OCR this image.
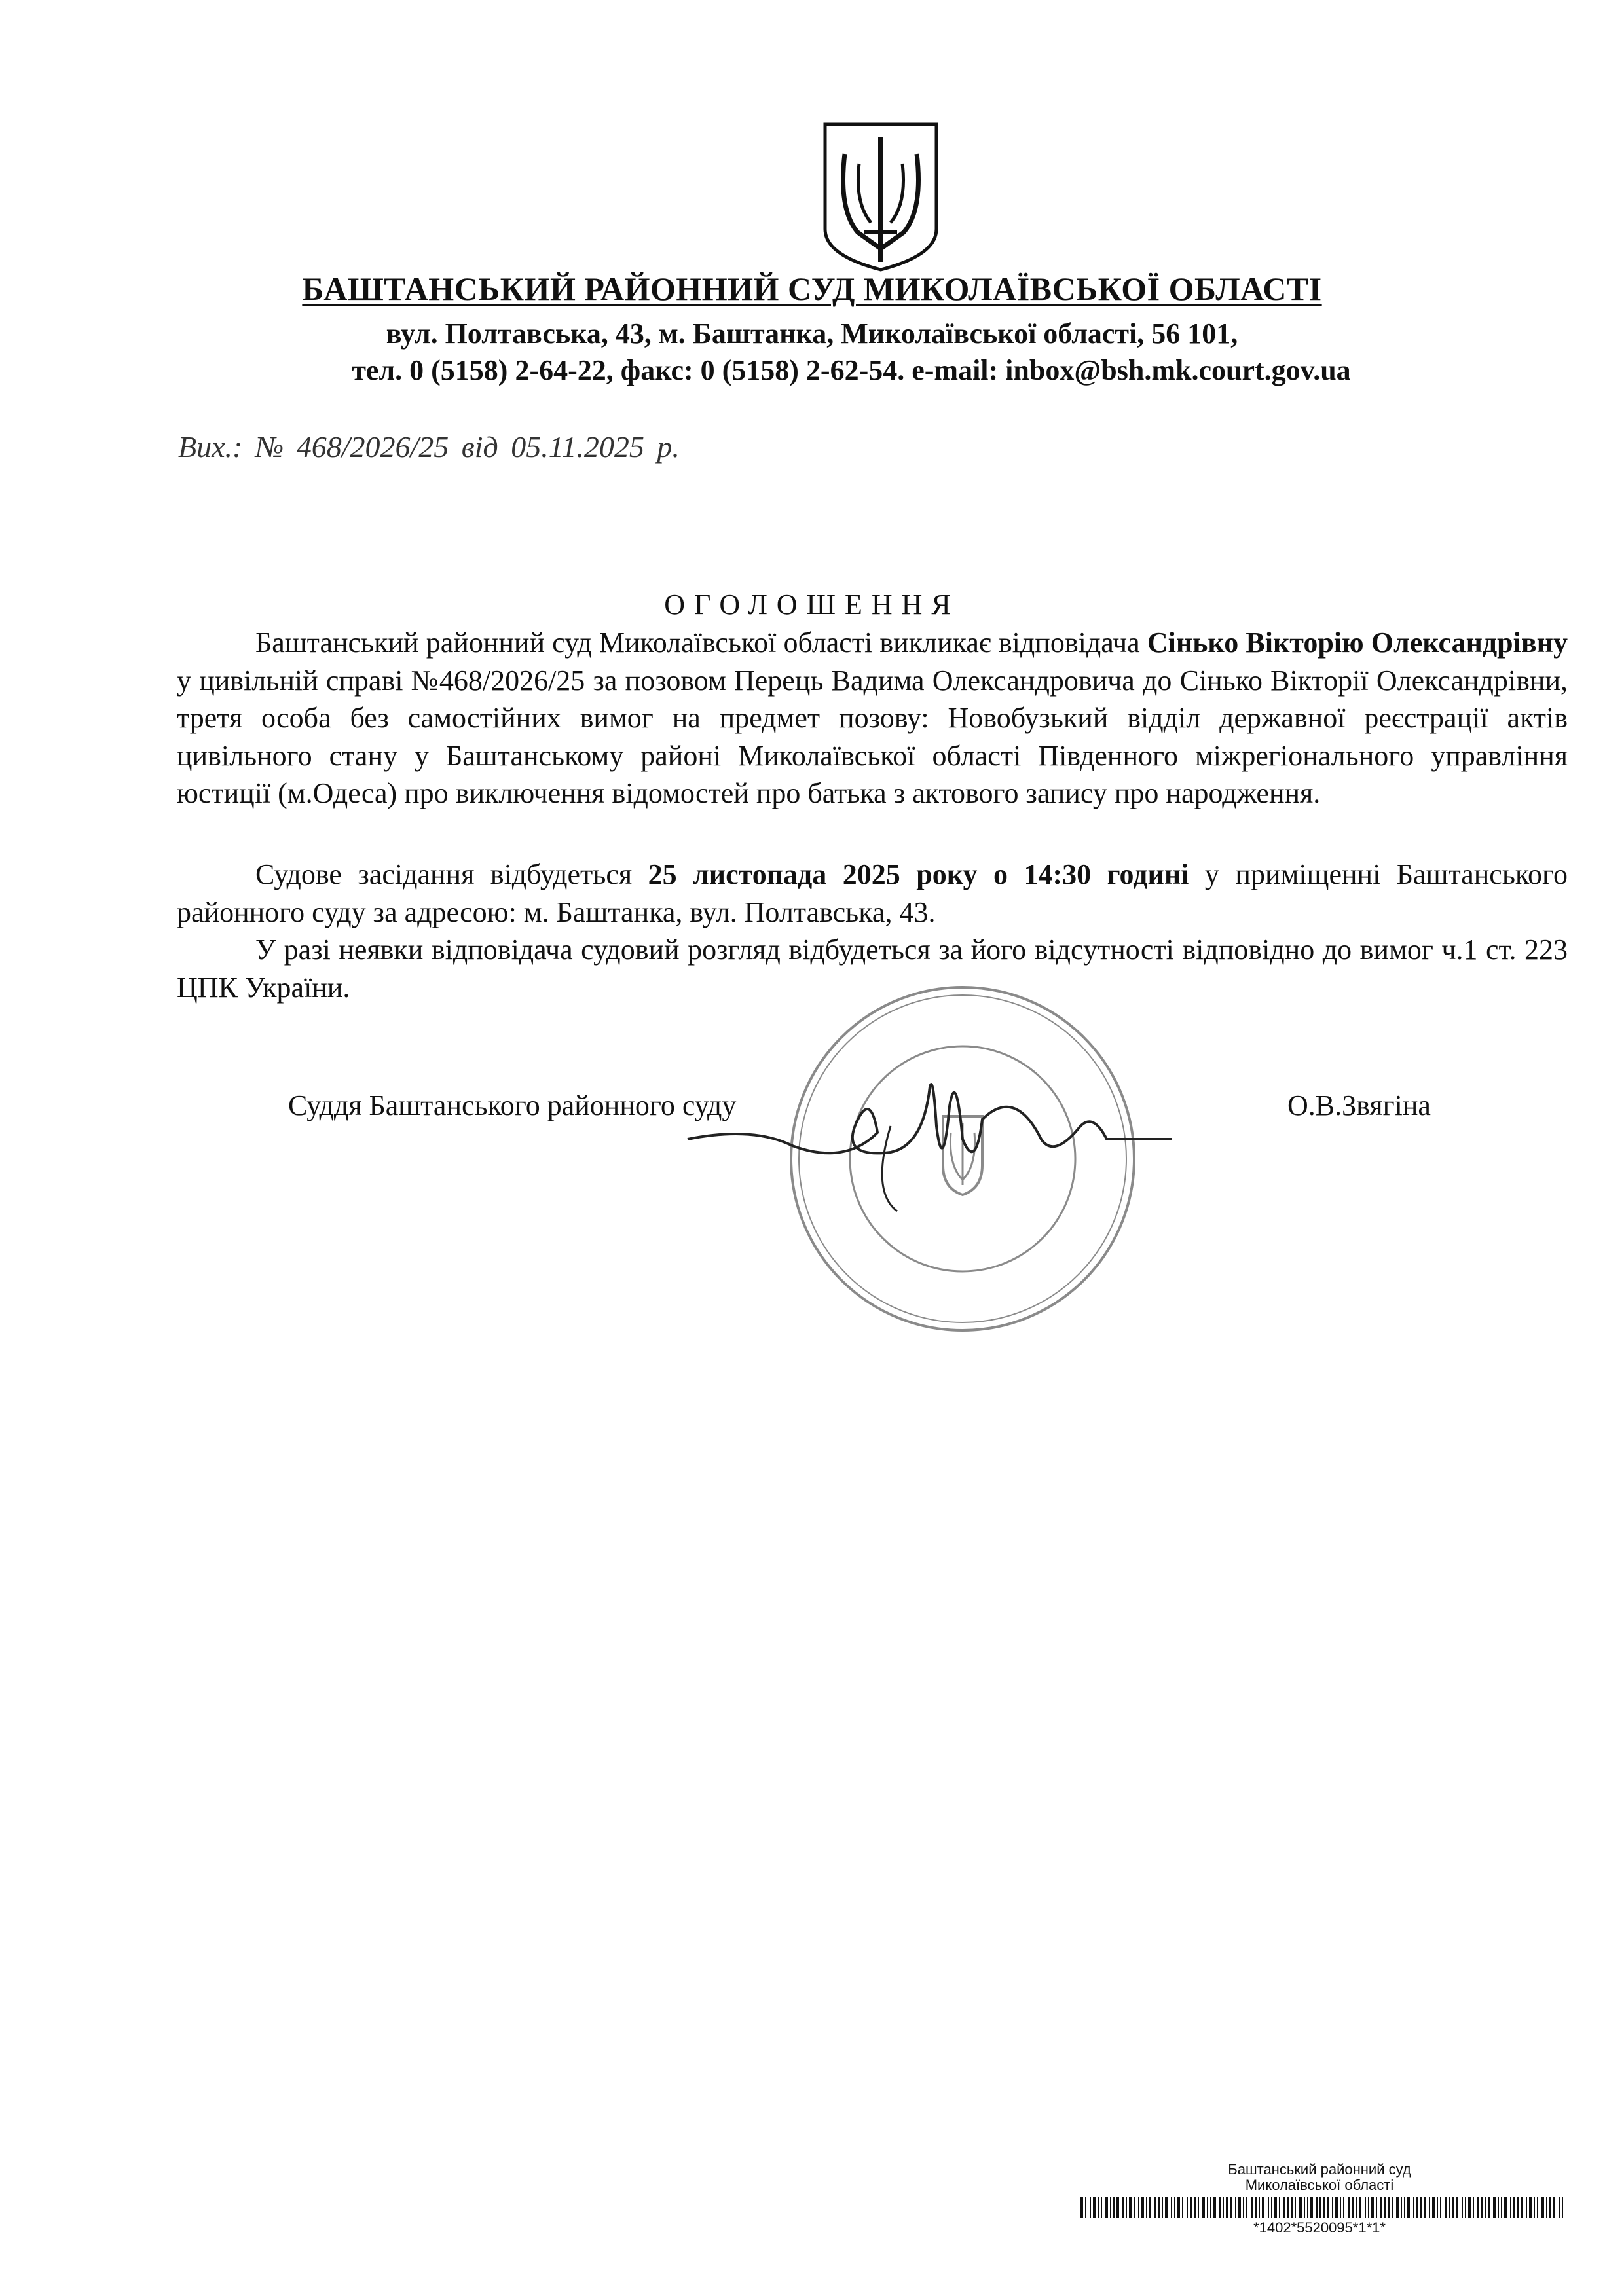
БАШТАНСЬКИЙ РАЙОННИЙ СУД МИКОЛАЇВСЬКОЇ ОБЛАСТІ
вул. Полтавська, 43, м. Баштанка, Миколаївської області, 56 101,
тел. 0 (5158) 2-64-22, факс: 0 (5158) 2-62-54. e-mail: inbox@bsh.mk.court.gov.ua
Вих.: № 468/2026/25 від 05.11.2025 р.
ОГОЛОШЕННЯ
Баштанський районний суд Миколаївської області викликає відповідача Сінько Вікторію Олександрівну у цивільній справі №468/2026/25 за позовом Перець Вадима Олександровича до Сінько Вікторії Олександрівни, третя особа без самостійних вимог на предмет позову: Новобузький відділ державної реєстрації актів цивільного стану у Баштанському районі Миколаївської області Південного міжрегіонального управління юстиції (м.Одеса) про виключення відомостей про батька з актового запису про народження.
Судове засідання відбудеться 25 листопада 2025 року о 14:30 годині у приміщенні Баштанського районного суду за адресою: м. Баштанка, вул. Полтавська, 43.
У разі неявки відповідача судовий розгляд відбудеться за його відсутності відповідно до вимог ч.1 ст. 223 ЦПК України.
Суддя Баштанського районного суду	О.В.Звягіна
Баштанський районний суд
Миколаївської області
*1402*5520095*1*1*
